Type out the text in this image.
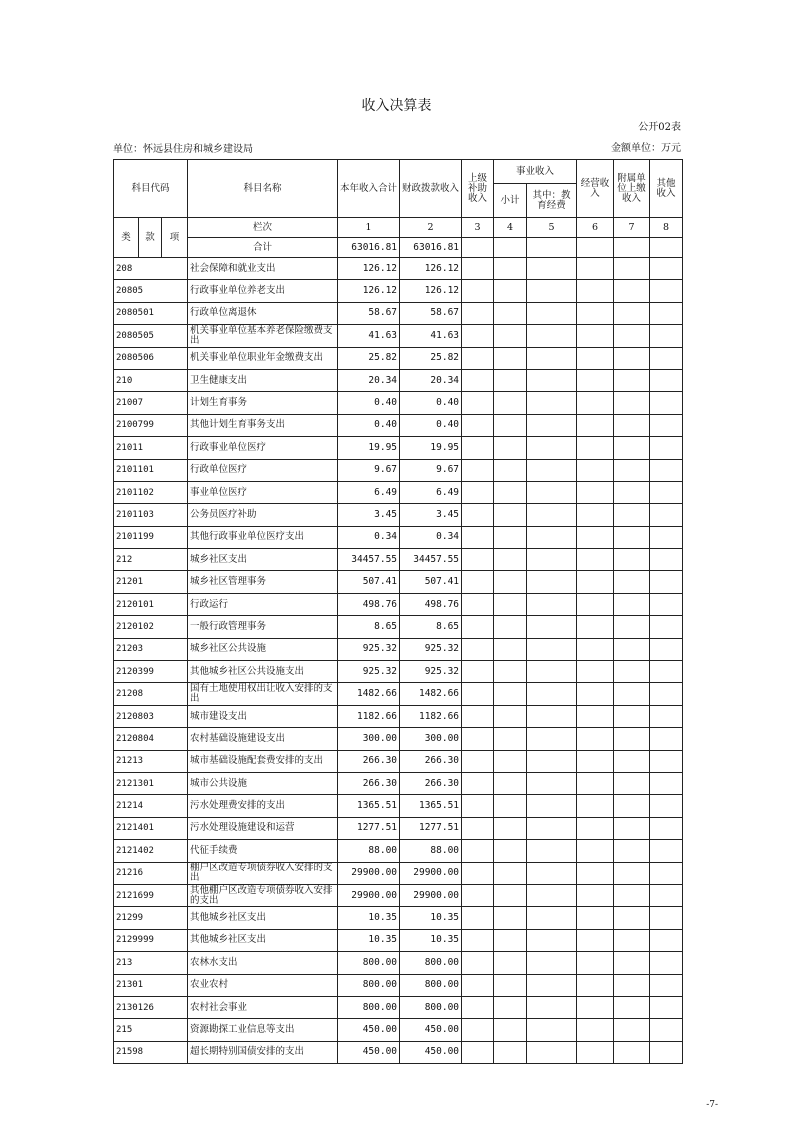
收入决算表
公开02表
单位：怀远县住房和城乡建设局	金额单位：万元
科目代码			科目名称	本年收入合计	财政拨款收入	上级补助收入	事业收入		经营收入	附属单位上缴收入	其他收入
							小计	其中：教育经费			
类	款	项	栏次	1	2	3	4	5	6	7	8
			合计	63016.81	63016.81						
208			社会保障和就业支出	126.12	126.12						
20805			行政事业单位养老支出	126.12	126.12						
2080501			行政单位离退休	58.67	58.67						
2080505			机关事业单位基本养老保险缴费支出	41.63	41.63						
2080506			机关事业单位职业年金缴费支出	25.82	25.82						
210			卫生健康支出	20.34	20.34						
21007			计划生育事务	0.40	0.40						
2100799			其他计划生育事务支出	0.40	0.40						
21011			行政事业单位医疗	19.95	19.95						
2101101			行政单位医疗	9.67	9.67						
2101102			事业单位医疗	6.49	6.49						
2101103			公务员医疗补助	3.45	3.45						
2101199			其他行政事业单位医疗支出	0.34	0.34						
212			城乡社区支出	34457.55	34457.55						
21201			城乡社区管理事务	507.41	507.41						
2120101			行政运行	498.76	498.76						
2120102			一般行政管理事务	8.65	8.65						
21203			城乡社区公共设施	925.32	925.32						
2120399			其他城乡社区公共设施支出	925.32	925.32						
21208			国有土地使用权出让收入安排的支出	1482.66	1482.66						
2120803			城市建设支出	1182.66	1182.66						
2120804			农村基础设施建设支出	300.00	300.00						
21213			城市基础设施配套费安排的支出	266.30	266.30						
2121301			城市公共设施	266.30	266.30						
21214			污水处理费安排的支出	1365.51	1365.51						
2121401			污水处理设施建设和运营	1277.51	1277.51						
2121402			代征手续费	88.00	88.00						
21216			棚户区改造专项债券收入安排的支出	29900.00	29900.00						
2121699			其他棚户区改造专项债券收入安排的支出	29900.00	29900.00						
21299			其他城乡社区支出	10.35	10.35						
2129999			其他城乡社区支出	10.35	10.35						
213			农林水支出	800.00	800.00						
21301			农业农村	800.00	800.00						
2130126			农村社会事业	800.00	800.00						
215			资源勘探工业信息等支出	450.00	450.00						
21598			超长期特别国债安排的支出	450.00	450.00						
-7-
